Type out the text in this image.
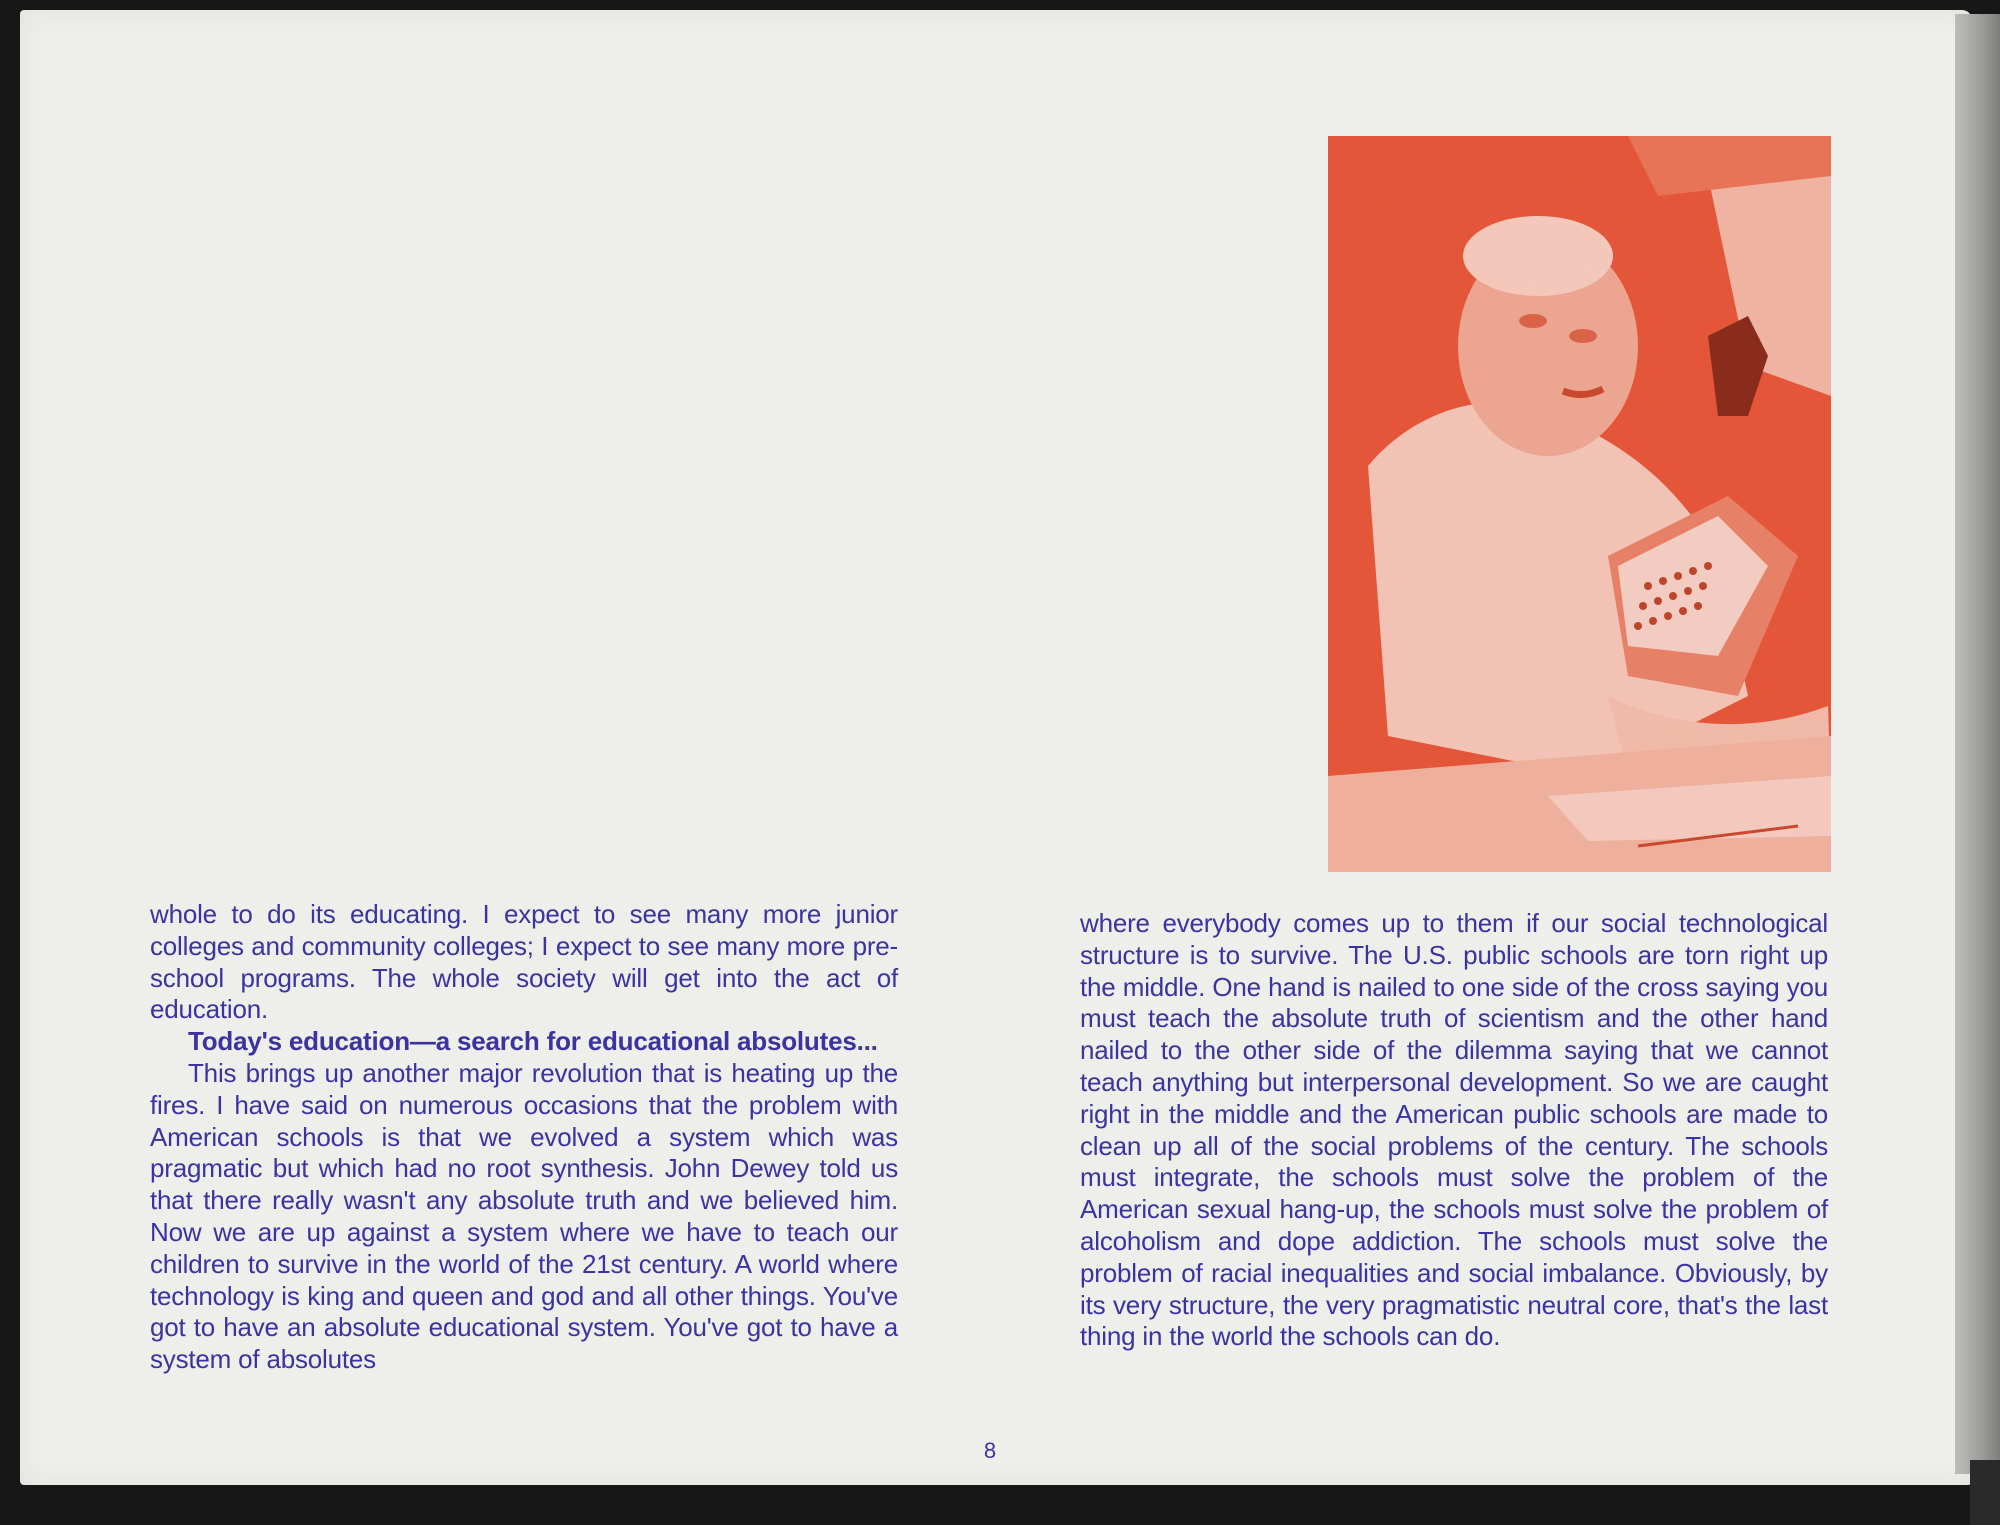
whole to do its educating. I expect to see many more junior colleges and community colleges; I expect to see many more pre-school programs. The whole society will get into the act of education.

Today's education—a search for educational absolutes...

This brings up another major revolution that is heating up the fires. I have said on numerous occasions that the problem with American schools is that we evolved a system which was pragmatic but which had no root synthesis. John Dewey told us that there really wasn't any absolute truth and we believed him. Now we are up against a system where we have to teach our children to survive in the world of the 21st century. A world where technology is king and queen and god and all other things. You've got to have an absolute educational system. You've got to have a system of absolutes

where everybody comes up to them if our social technological structure is to survive. The U.S. public schools are torn right up the middle. One hand is nailed to one side of the cross saying you must teach the absolute truth of scientism and the other hand nailed to the other side of the dilemma saying that we cannot teach anything but interpersonal development. So we are caught right in the middle and the American public schools are made to clean up all of the social problems of the century. The schools must integrate, the schools must solve the problem of the American sexual hang-up, the schools must solve the problem of alcoholism and dope addiction. The schools must solve the problem of racial inequalities and social imbalance. Obviously, by its very structure, the very pragmatistic neutral core, that's the last thing in the world the schools can do.

8
